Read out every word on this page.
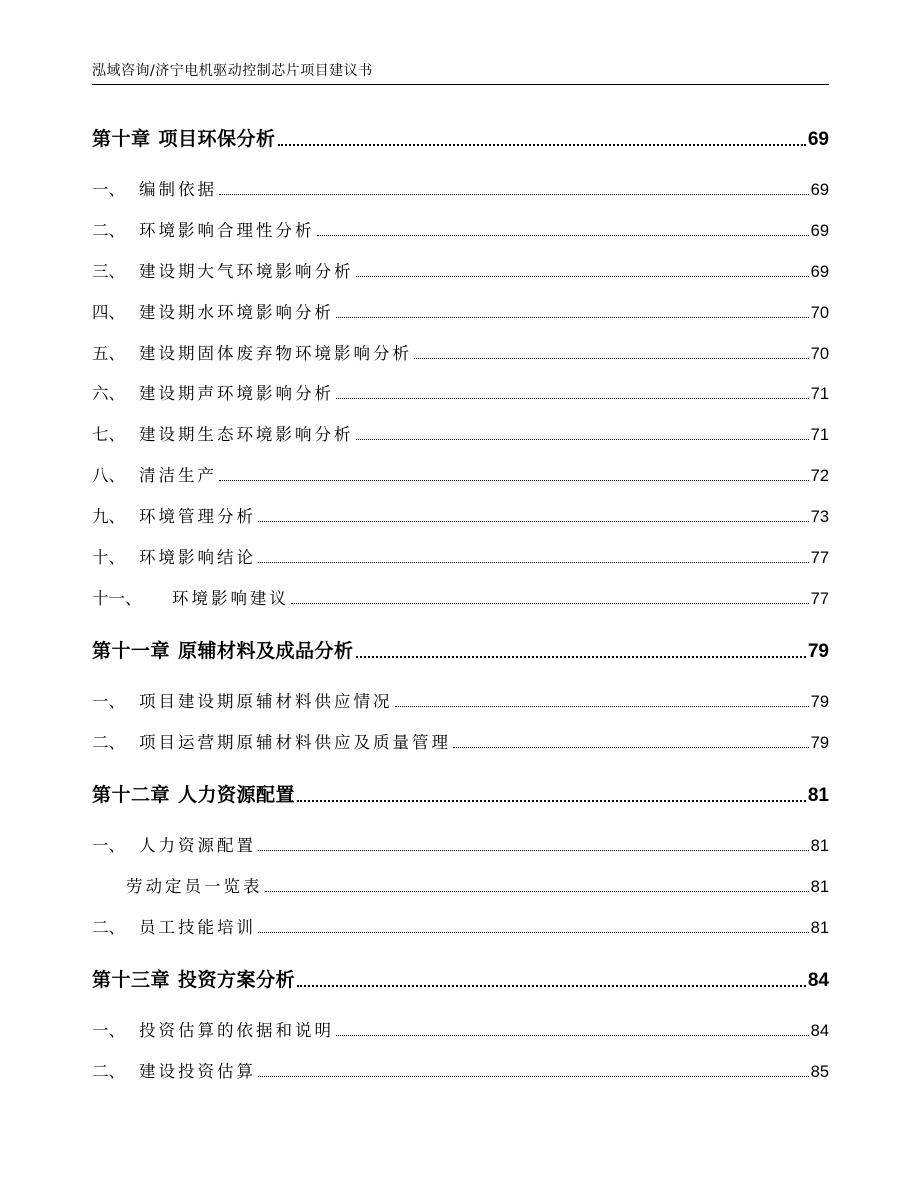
泓域咨询/济宁电机驱动控制芯片项目建议书
第十章 项目环保分析	69
一、 编制依据	69
二、 环境影响合理性分析	69
三、 建设期大气环境影响分析	69
四、 建设期水环境影响分析	70
五、 建设期固体废弃物环境影响分析	70
六、 建设期声环境影响分析	71
七、 建设期生态环境影响分析	71
八、 清洁生产	72
九、 环境管理分析	73
十、 环境影响结论	77
十一、	环境影响建议	77
第十一章 原辅材料及成品分析	79
一、 项目建设期原辅材料供应情况	79
二、 项目运营期原辅材料供应及质量管理	79
第十二章 人力资源配置	81
一、 人力资源配置	81
劳动定员一览表	81
二、 员工技能培训	81
第十三章 投资方案分析	84
一、 投资估算的依据和说明	84
二、 建设投资估算	85
